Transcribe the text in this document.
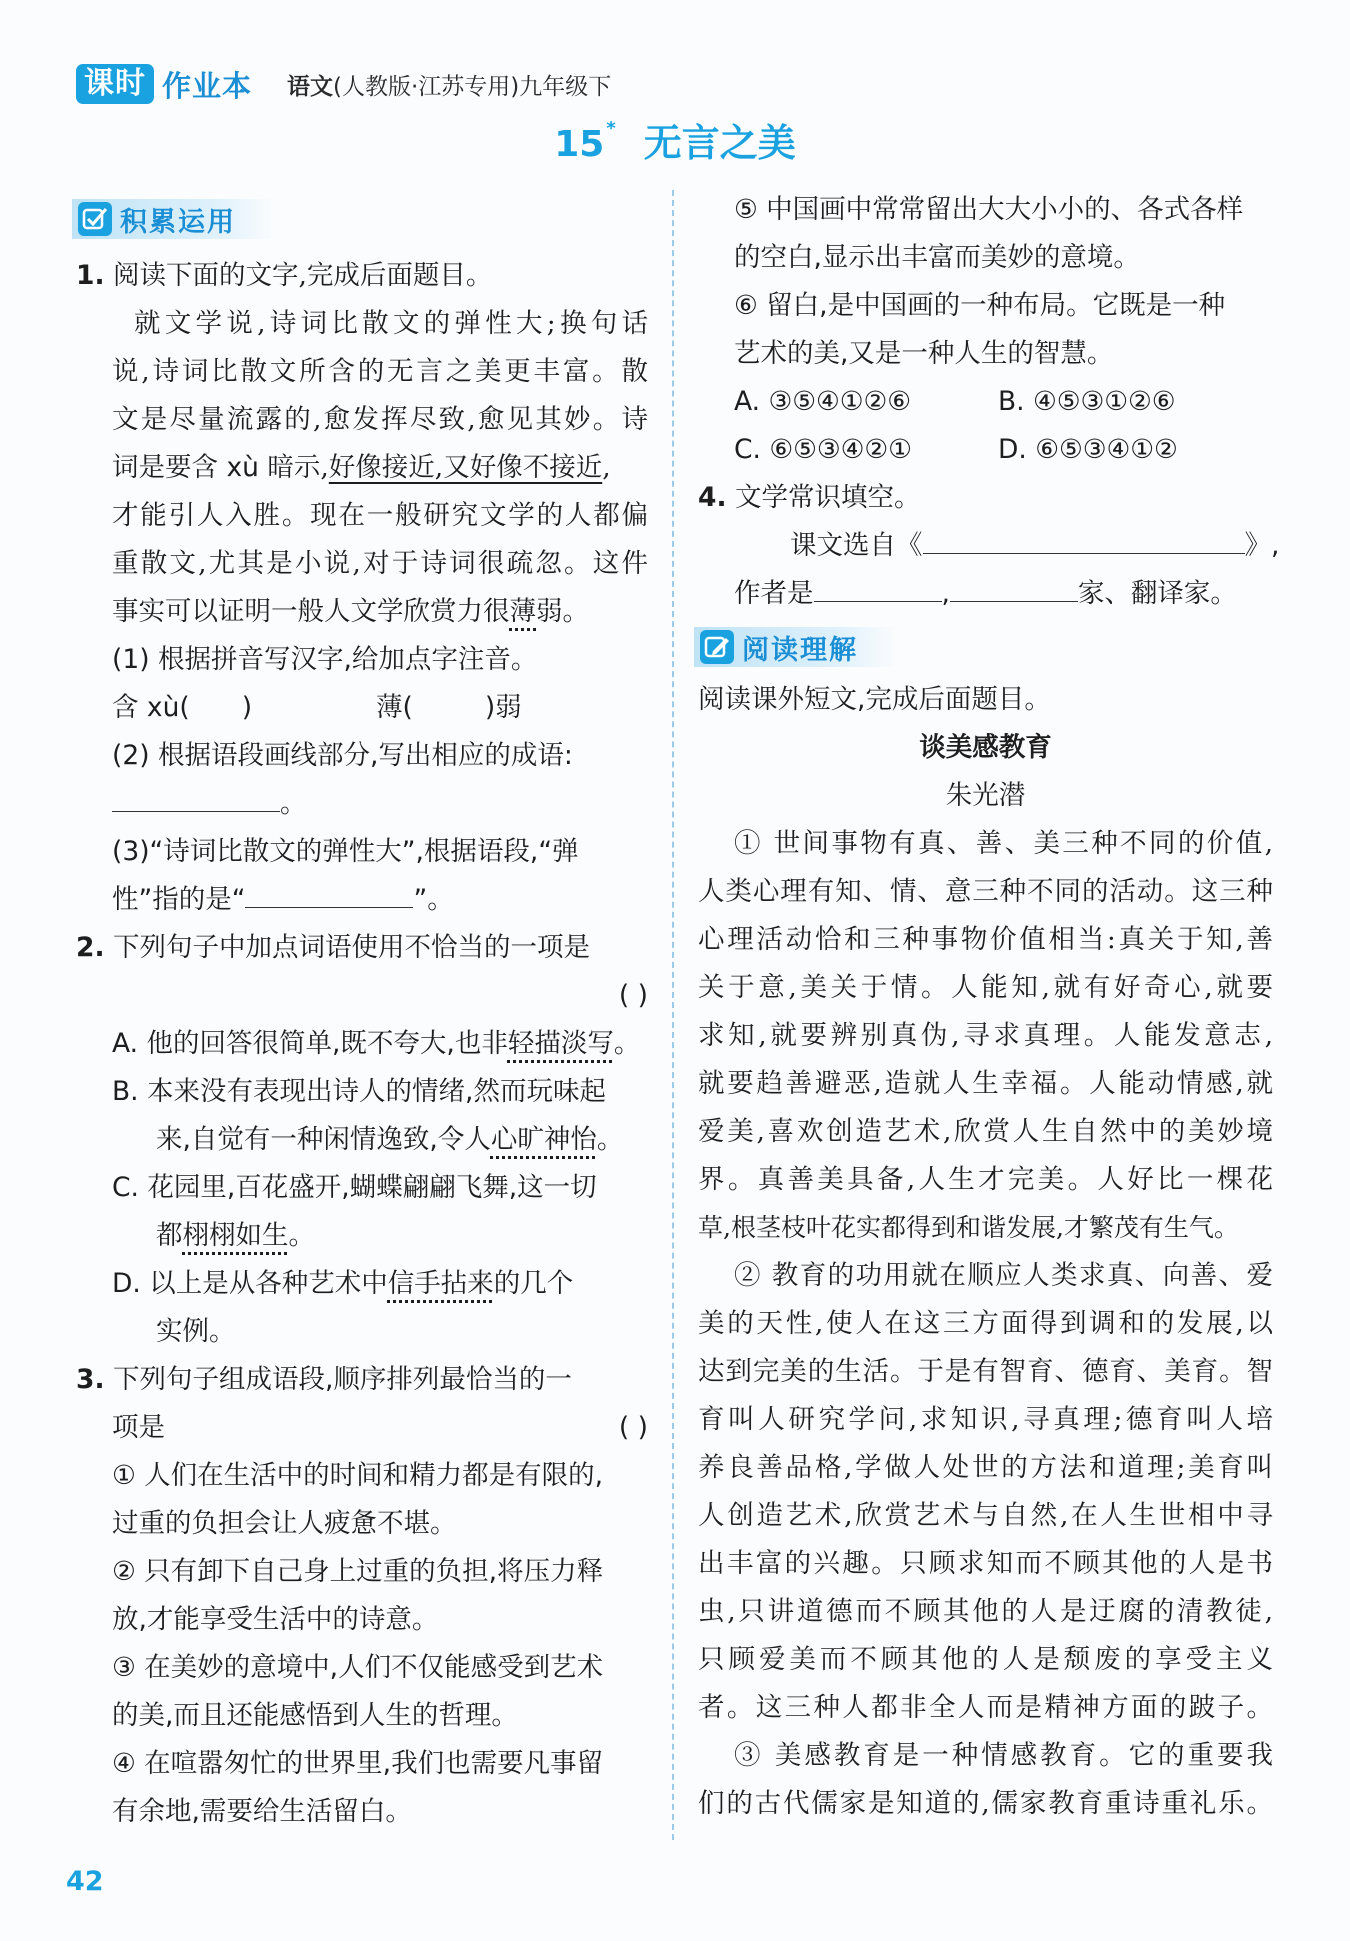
课时 作业本 语文(人教版·江苏专用)九年级下
15 * 无言之美
积累运用
1. 阅读下面的文字,完成后面题目。
就文学说,诗词比散文的弹性大;换句话
说,诗词比散文所含的无言之美更丰富。散
文是尽量流露的,愈发挥尽致,愈见其妙。诗
词是要含 xù 暗示,好像接近,又好像不接近,
才能引人入胜。现在一般研究文学的人都偏
重散文,尤其是小说,对于诗词很疏忽。这件
事实可以证明一般人文学欣赏力很薄弱。
(1) 根据拼音写汉字,给加点字注音。
含 xù( )	薄(	)弱
(2) 根据语段画线部分,写出相应的成语:
。
(3)“诗词比散文的弹性大”,根据语段,“弹
性”指的是“	”。
2. 下列句子中加点词语使用不恰当的一项是
( )
A. 他的回答很简单,既不夸大,也非轻描淡写。
B. 本来没有表现出诗人的情绪,然而玩味起
来,自觉有一种闲情逸致,令人心旷神怡。
C. 花园里,百花盛开,蝴蝶翩翩飞舞,这一切
都栩栩如生。
D. 以上是从各种艺术中信手拈来的几个
实例。
3. 下列句子组成语段,顺序排列最恰当的一
项是	( )
① 人们在生活中的时间和精力都是有限的,
过重的负担会让人疲惫不堪。
② 只有卸下自己身上过重的负担,将压力释
放,才能享受生活中的诗意。
③ 在美妙的意境中,人们不仅能感受到艺术
的美,而且还能感悟到人生的哲理。
④ 在喧嚣匆忙的世界里,我们也需要凡事留
有余地,需要给生活留白。
⑤ 中国画中常常留出大大小小的、各式各样
的空白,显示出丰富而美妙的意境。
⑥ 留白,是中国画的一种布局。它既是一种
艺术的美,又是一种人生的智慧。
A. ③⑤④①②⑥	B. ④⑤③①②⑥
C. ⑥⑤③④②①	D. ⑥⑤③④①②
4. 文学常识填空。
课文选自《	》,
作者是	,	家、翻译家。
阅读理解
阅读课外短文,完成后面题目。
谈美感教育
朱光潜
① 世间事物有真、善、美三种不同的价值,
人类心理有知、情、意三种不同的活动。这三种
心理活动恰和三种事物价值相当:真关于知,善
关于意,美关于情。人能知,就有好奇心,就要
求知,就要辨别真伪,寻求真理。人能发意志,
就要趋善避恶,造就人生幸福。人能动情感,就
爱美,喜欢创造艺术,欣赏人生自然中的美妙境
界。真善美具备,人生才完美。人好比一棵花
草,根茎枝叶花实都得到和谐发展,才繁茂有生气。
② 教育的功用就在顺应人类求真、向善、爱
美的天性,使人在这三方面得到调和的发展,以
达到完美的生活。于是有智育、德育、美育。智
育叫人研究学问,求知识,寻真理;德育叫人培
养良善品格,学做人处世的方法和道理;美育叫
人创造艺术,欣赏艺术与自然,在人生世相中寻
出丰富的兴趣。只顾求知而不顾其他的人是书
虫,只讲道德而不顾其他的人是迂腐的清教徒,
只顾爱美而不顾其他的人是颓废的享受主义
者。这三种人都非全人而是精神方面的跛子。
③ 美感教育是一种情感教育。它的重要我
们的古代儒家是知道的,儒家教育重诗重礼乐。
42
